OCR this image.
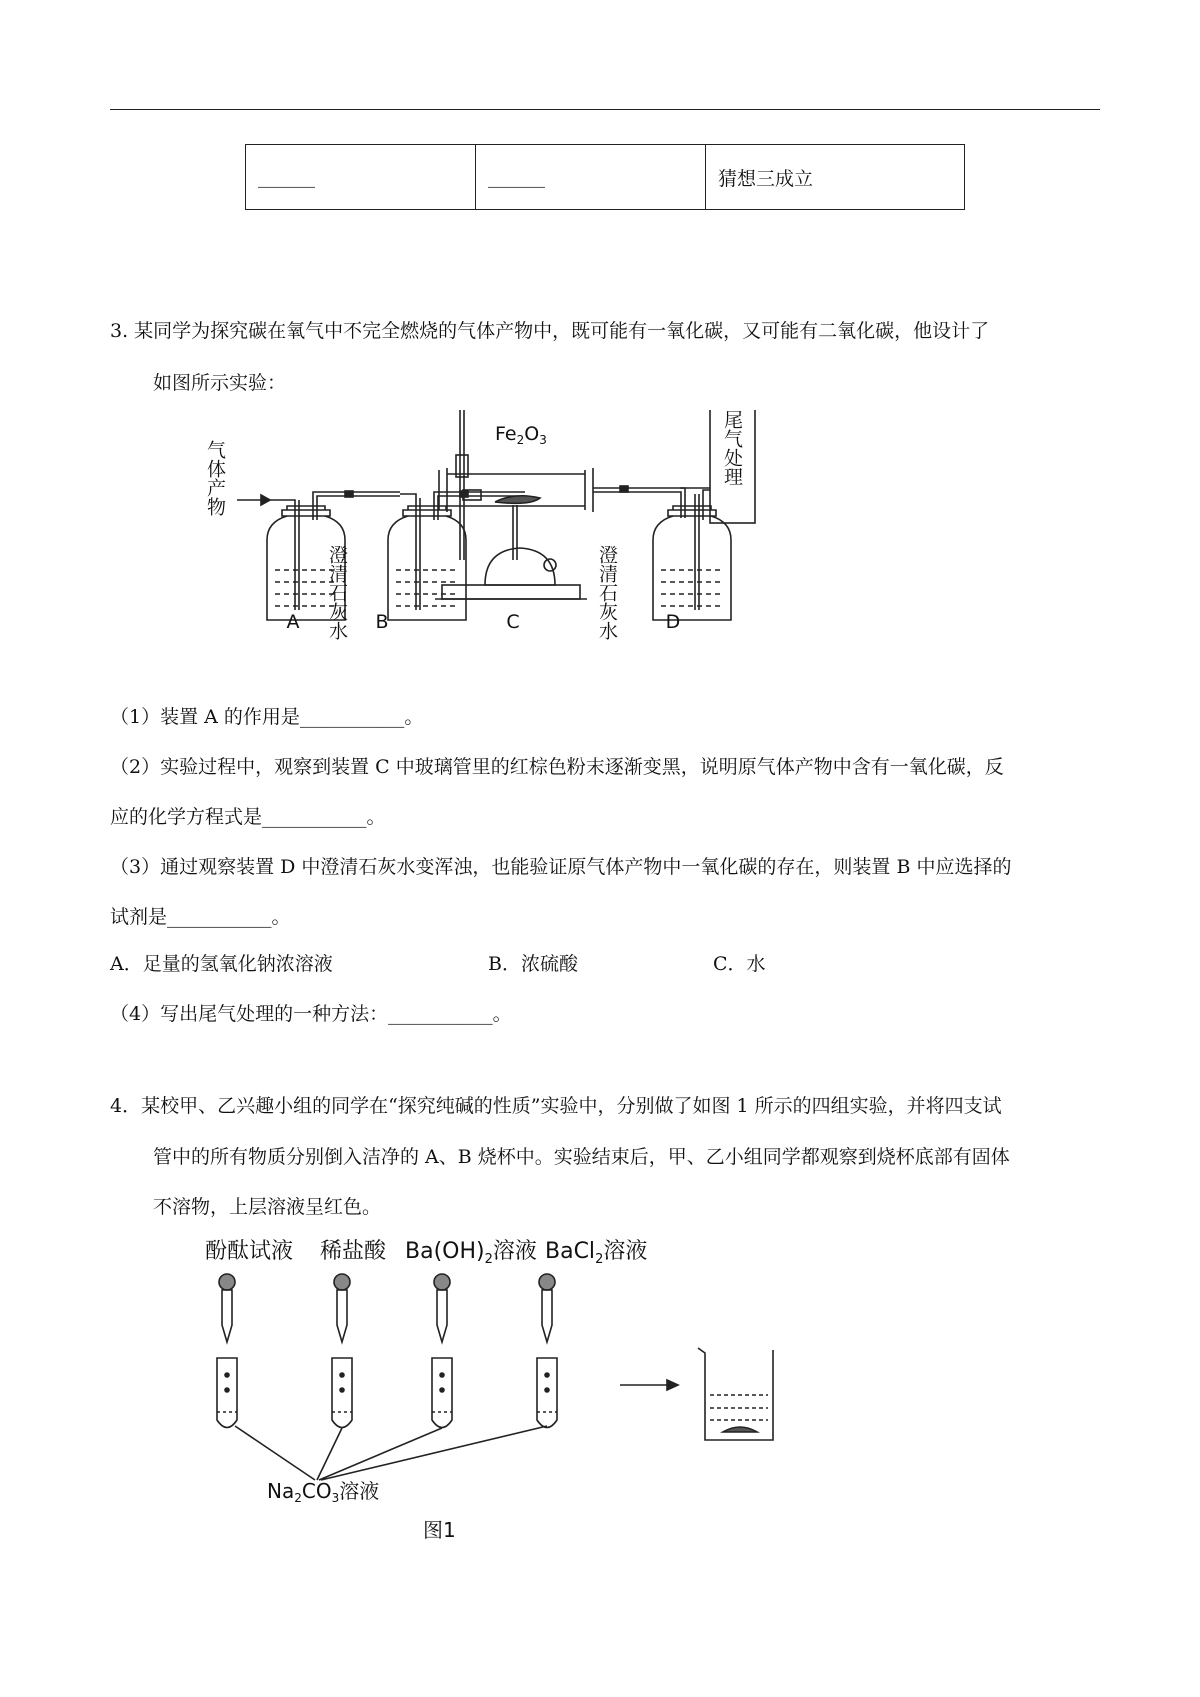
______	______	猜想三成立
3. 某同学为探究碳在氧气中不完全燃烧的气体产物中，既可能有一氧化碳，又可能有二氧化碳，他设计了
如图所示实验：
气体产物
澄清石灰水
$Fe_2O_3$
澄清石灰水
尾气处理
A	B	C	D
（1）装置 A 的作用是___________。
（2）实验过程中，观察到装置 C 中玻璃管里的红棕色粉末逐渐变黑，说明原气体产物中含有一氧化碳，反
应的化学方程式是___________。
（3）通过观察装置 D 中澄清石灰水变浑浊，也能验证原气体产物中一氧化碳的存在，则装置 B 中应选择的
试剂是___________。
A．足量的氢氧化钠浓溶液	B．浓硫酸	C．水
（4）写出尾气处理的一种方法：___________。
4．某校甲、乙兴趣小组的同学在“探究纯碱的性质”实验中，分别做了如图 1 所示的四组实验，并将四支试
管中的所有物质分别倒入洁净的 A、B 烧杯中。实验结束后，甲、乙小组同学都观察到烧杯底部有固体
不溶物，上层溶液呈红色。
酚酞试液 稀盐酸 $Ba(OH)_2$溶液 BaCl$_2$溶液
$Na_2CO_3$溶液
图1
